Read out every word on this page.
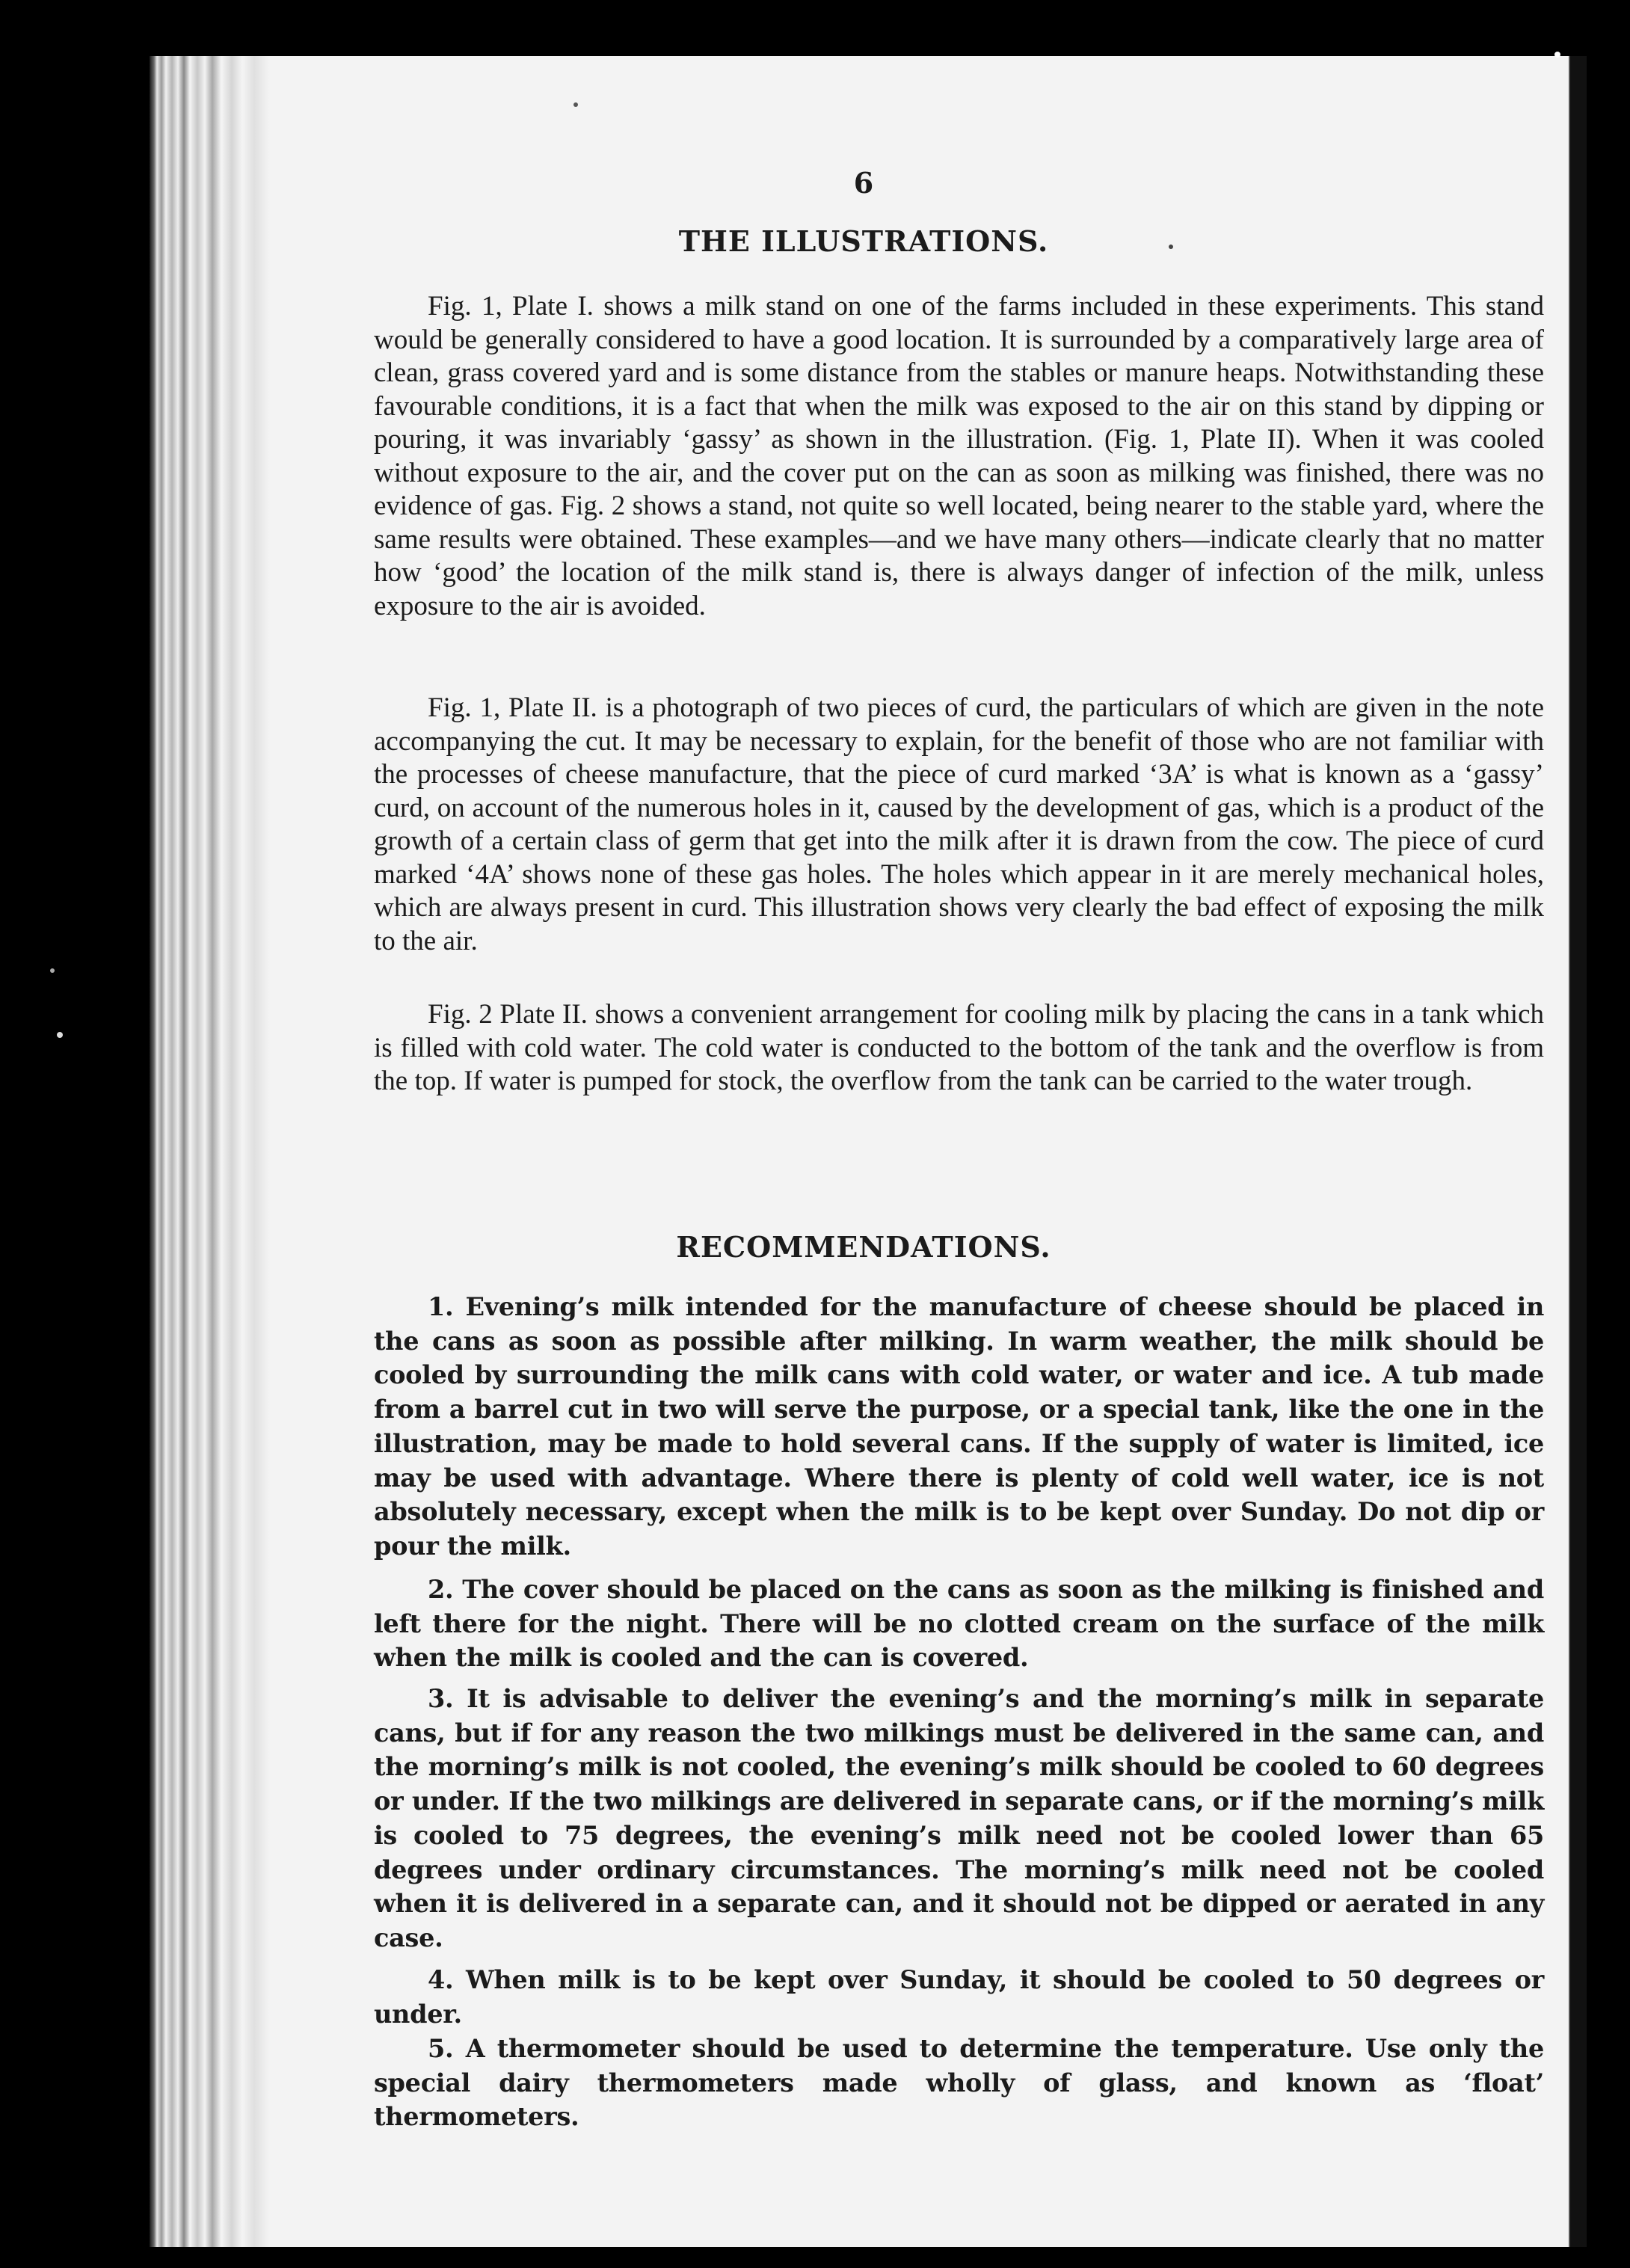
6
THE ILLUSTRATIONS.

Fig. 1, Plate I. shows a milk stand on one of the farms included in these experiments. This stand would be generally considered to have a good location. It is surrounded by a comparatively large area of clean, grass covered yard and is some distance from the stables or manure heaps. Notwithstanding these favourable conditions, it is a fact that when the milk was exposed to the air on this stand by dipping or pouring, it was invariably ‘gassy’ as shown in the illustration. (Fig. 1, Plate II). When it was cooled without exposure to the air, and the cover put on the can as soon as milking was finished, there was no evidence of gas. Fig. 2 shows a stand, not quite so well located, being nearer to the stable yard, where the same results were obtained. These examples—and we have many others—indicate clearly that no matter how ‘good’ the location of the milk stand is, there is always danger of infection of the milk, unless exposure to the air is avoided.

Fig. 1, Plate II. is a photograph of two pieces of curd, the particulars of which are given in the note accompanying the cut. It may be necessary to explain, for the benefit of those who are not familiar with the processes of cheese manufacture, that the piece of curd marked ‘3A’ is what is known as a ‘gassy’ curd, on account of the numerous holes in it, caused by the development of gas, which is a product of the growth of a certain class of germ that get into the milk after it is drawn from the cow. The piece of curd marked ‘4A’ shows none of these gas holes. The holes which appear in it are merely mechanical holes, which are always present in curd. This illustration shows very clearly the bad effect of exposing the milk to the air.

Fig. 2 Plate II. shows a convenient arrangement for cooling milk by placing the cans in a tank which is filled with cold water. The cold water is conducted to the bottom of the tank and the overflow is from the top. If water is pumped for stock, the overflow from the tank can be carried to the water trough.

RECOMMENDATIONS.

1. Evening’s milk intended for the manufacture of cheese should be placed in the cans as soon as possible after milking. In warm weather, the milk should be cooled by surrounding the milk cans with cold water, or water and ice. A tub made from a barrel cut in two will serve the purpose, or a special tank, like the one in the illustration, may be made to hold several cans. If the supply of water is limited, ice may be used with advantage. Where there is plenty of cold well water, ice is not absolutely necessary, except when the milk is to be kept over Sunday. Do not dip or pour the milk.

2. The cover should be placed on the cans as soon as the milking is finished and left there for the night. There will be no clotted cream on the surface of the milk when the milk is cooled and the can is covered.

3. It is advisable to deliver the evening’s and the morning’s milk in separate cans, but if for any reason the two milkings must be delivered in the same can, and the morning’s milk is not cooled, the evening’s milk should be cooled to 60 degrees or under. If the two milkings are delivered in separate cans, or if the morning’s milk is cooled to 75 degrees, the evening’s milk need not be cooled lower than 65 degrees under ordinary circumstances. The morning’s milk need not be cooled when it is delivered in a separate can, and it should not be dipped or aerated in any case.

4. When milk is to be kept over Sunday, it should be cooled to 50 degrees or under.

5. A thermometer should be used to determine the temperature. Use only the special dairy thermometers made wholly of glass, and known as ‘float’ thermometers.
